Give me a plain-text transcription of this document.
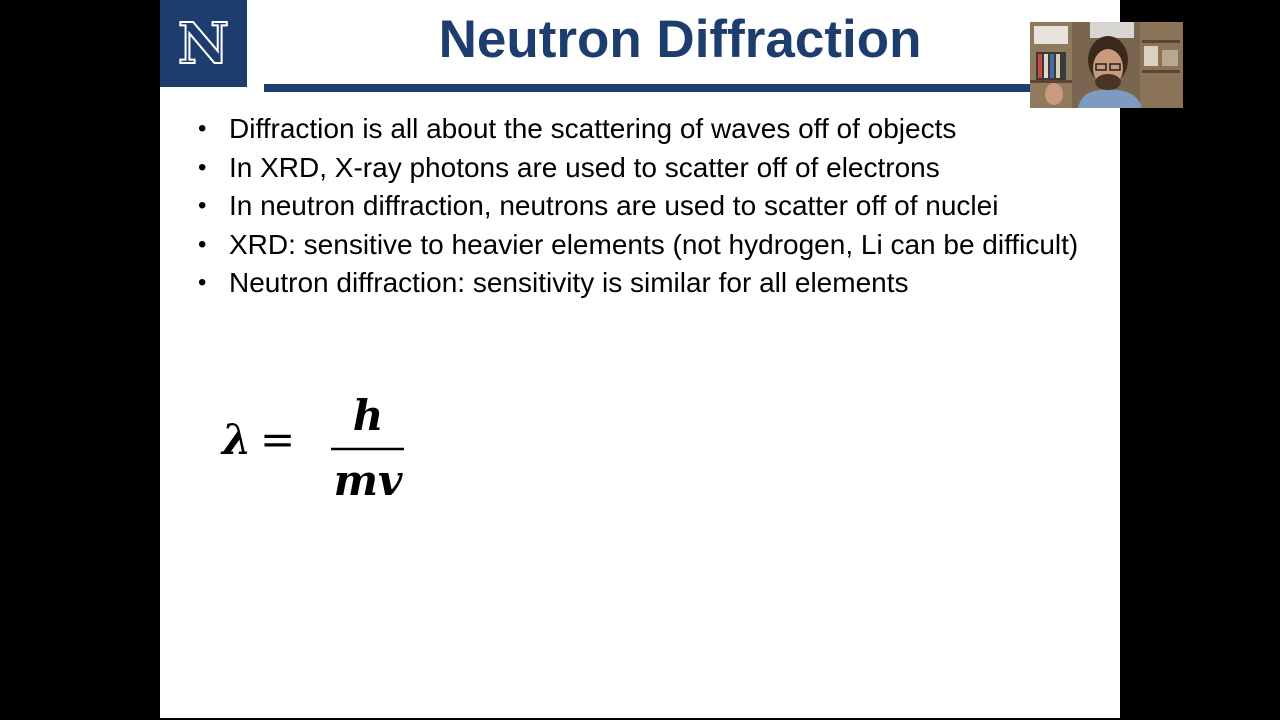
N	Neutron Diffraction
• Diffraction is all about the scattering of waves off of objects
• In XRD, X-ray photons are used to scatter off of electrons
• In neutron diffraction, neutrons are used to scatter off of nuclei
• XRD: sensitive to heavier elements (not hydrogen, Li can be difficult)
• Neutron diffraction: sensitivity is similar for all elements
λ = h
mv
